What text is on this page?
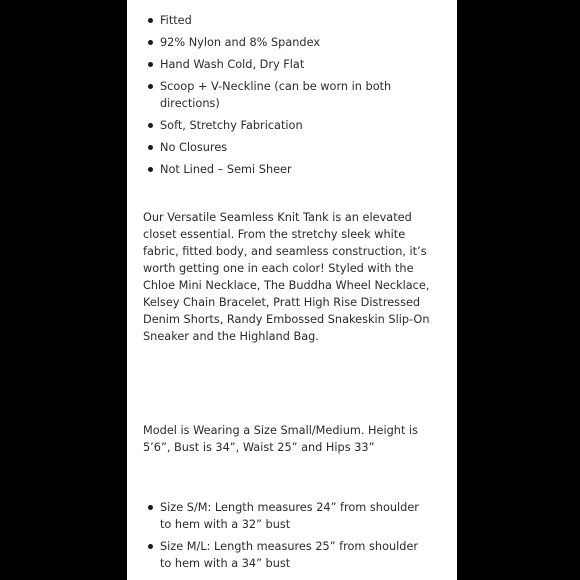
Fitted
92% Nylon and 8% Spandex
Hand Wash Cold, Dry Flat
Scoop + V-Neckline (can be worn in both directions)
Soft, Stretchy Fabrication
No Closures
Not Lined – Semi Sheer

Our Versatile Seamless Knit Tank is an elevated closet essential. From the stretchy sleek white fabric, fitted body, and seamless construction, it’s worth getting one in each color! Styled with the Chloe Mini Necklace, The Buddha Wheel Necklace, Kelsey Chain Bracelet, Pratt High Rise Distressed Denim Shorts, Randy Embossed Snakeskin Slip-On Sneaker and the Highland Bag.

Model is Wearing a Size Small/Medium. Height is 5’6”, Bust is 34”, Waist 25” and Hips 33”

Size S/M: Length measures 24” from shoulder to hem with a 32” bust
Size M/L: Length measures 25” from shoulder to hem with a 34” bust
